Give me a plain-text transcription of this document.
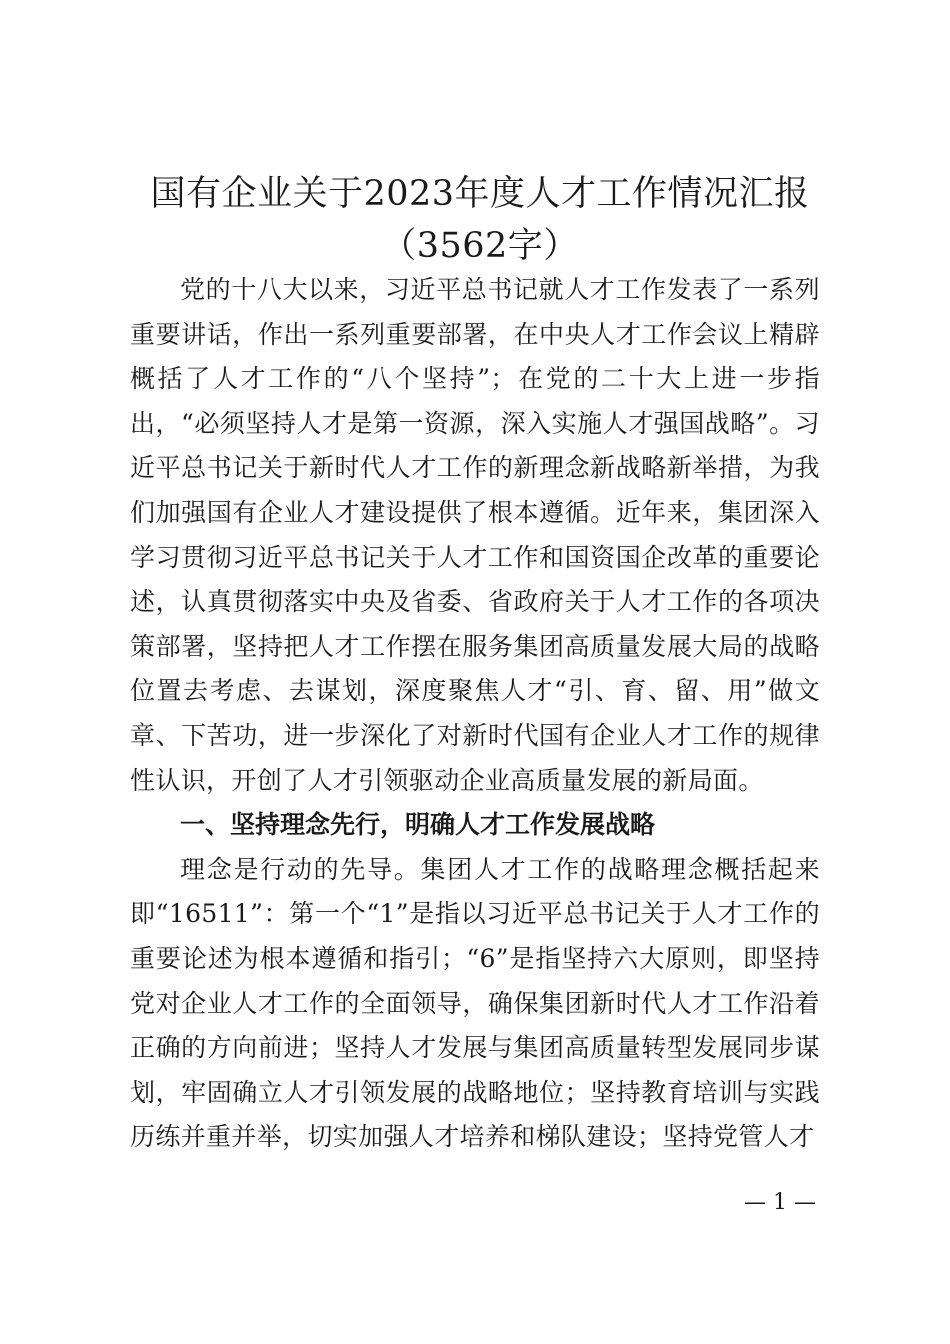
国有企业关于2023年度人才工作情况汇报
（3562字）

党的十八大以来，习近平总书记就人才工作发表了一系列重要讲话，作出一系列重要部署，在中央人才工作会议上精辟概括了人才工作的“八个坚持”；在党的二十大上进一步指出，“必须坚持人才是第一资源，深入实施人才强国战略”。习近平总书记关于新时代人才工作的新理念新战略新举措，为我们加强国有企业人才建设提供了根本遵循。近年来，集团深入学习贯彻习近平总书记关于人才工作和国资国企改革的重要论述，认真贯彻落实中央及省委、省政府关于人才工作的各项决策部署，坚持把人才工作摆在服务集团高质量发展大局的战略位置去考虑、去谋划，深度聚焦人才“引、育、留、用”做文章、下苦功，进一步深化了对新时代国有企业人才工作的规律性认识，开创了人才引领驱动企业高质量发展的新局面。

一、坚持理念先行，明确人才工作发展战略

理念是行动的先导。集团人才工作的战略理念概括起来即“16511”：第一个“1”是指以习近平总书记关于人才工作的重要论述为根本遵循和指引；“6”是指坚持六大原则，即坚持党对企业人才工作的全面领导，确保集团新时代人才工作沿着正确的方向前进；坚持人才发展与集团高质量转型发展同步谋划，牢固确立人才引领发展的战略地位；坚持教育培训与实践历练并重并举，切实加强人才培养和梯队建设；坚持党管人才

— 1 —
